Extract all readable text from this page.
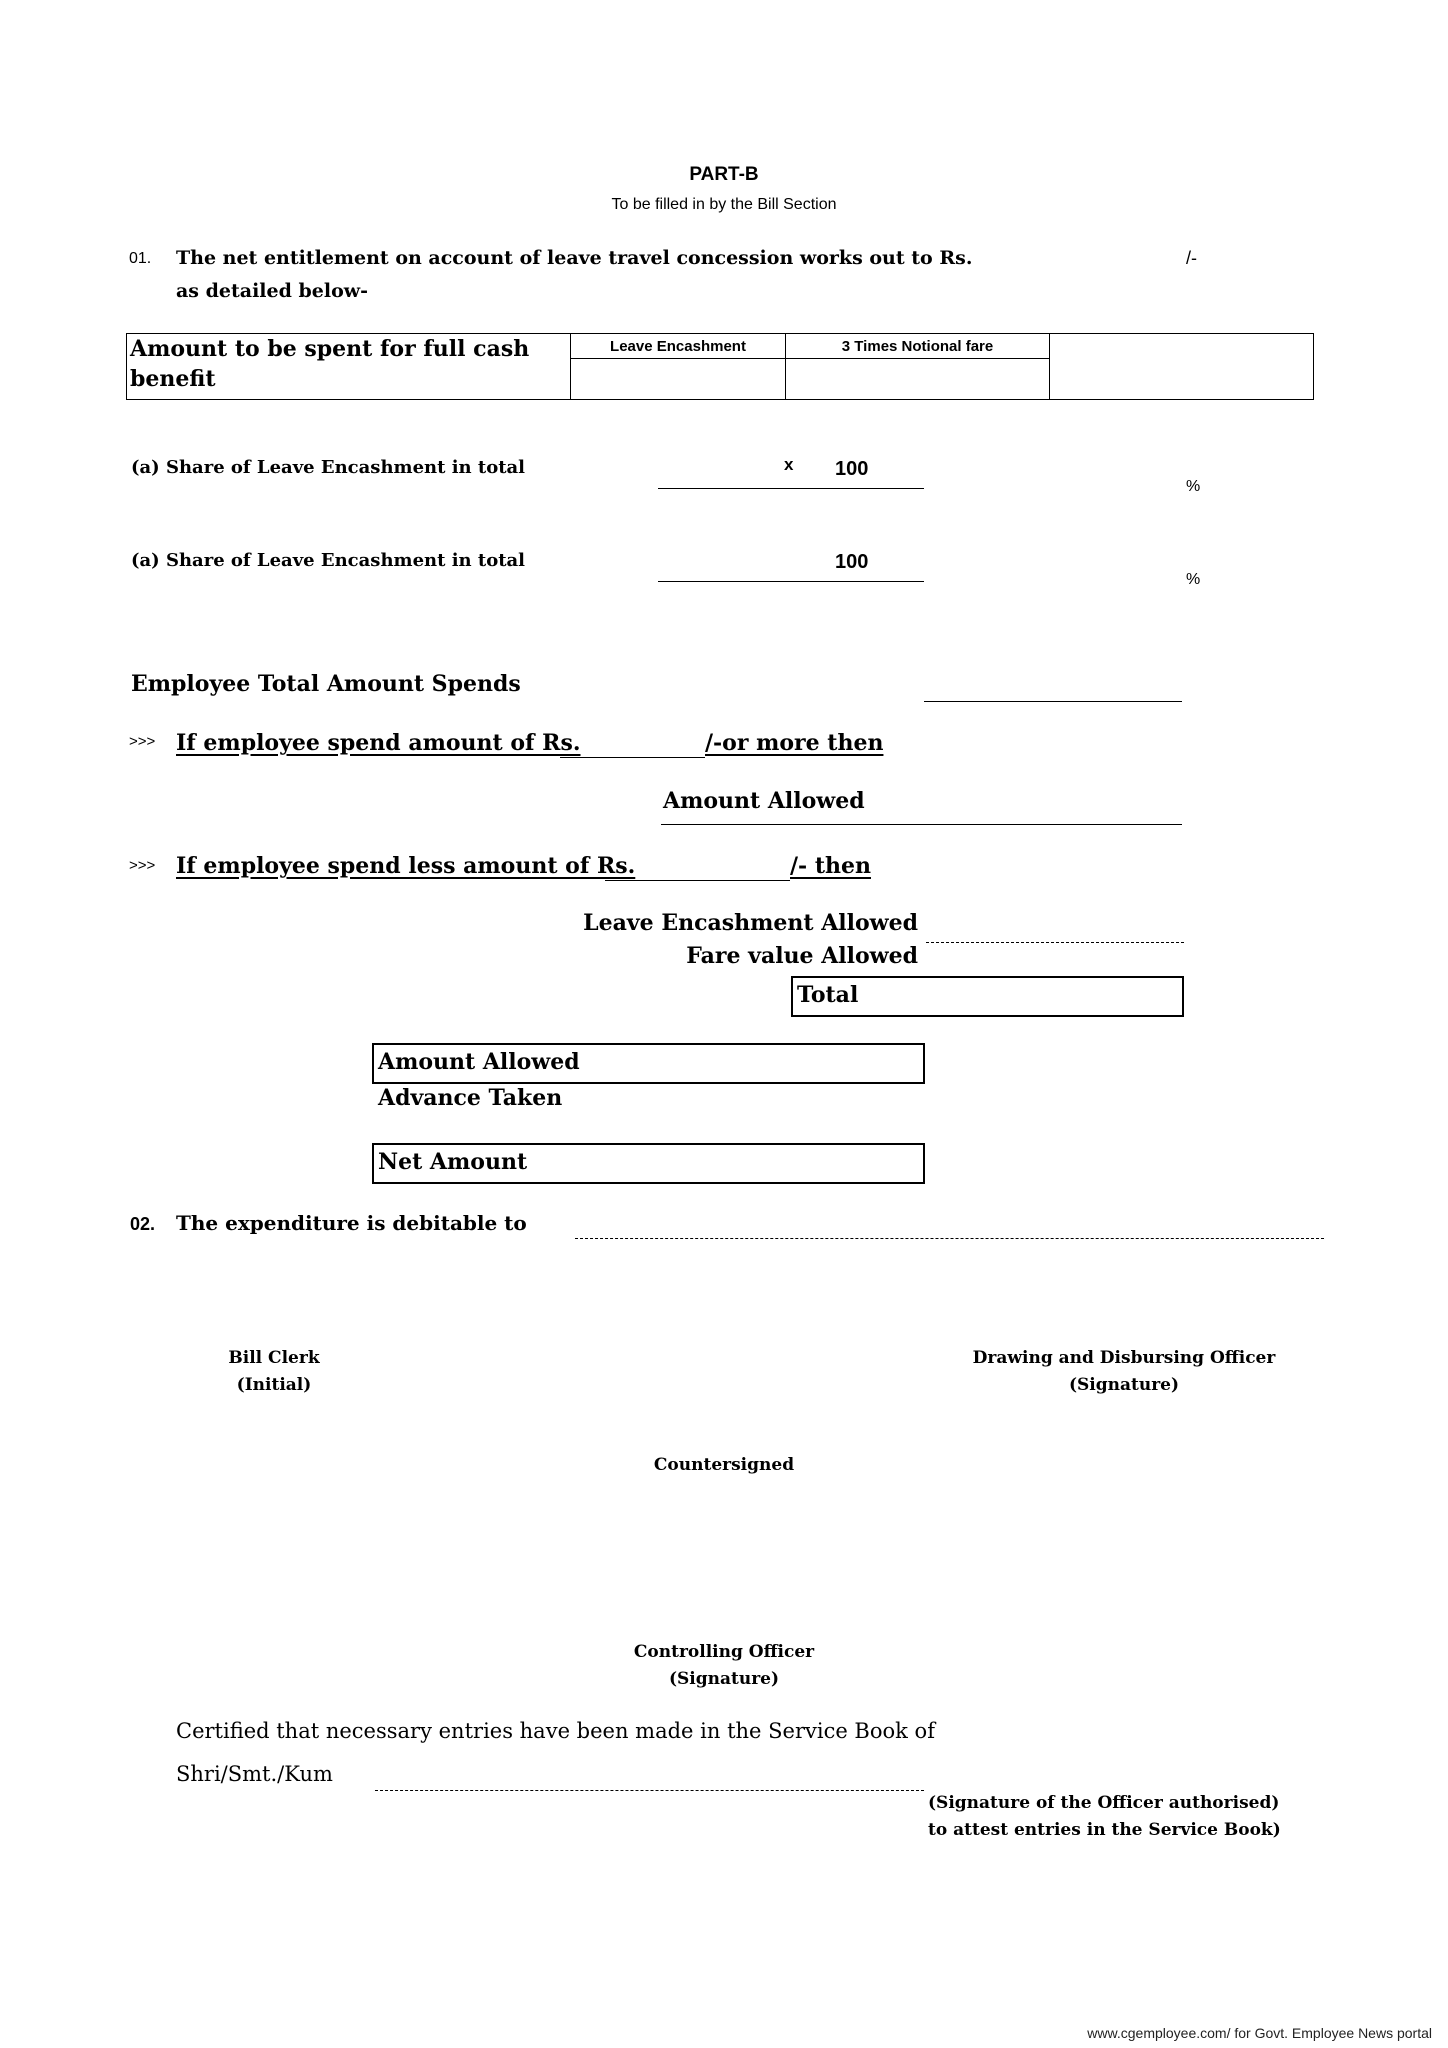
PART-B
To be filled in by the Bill Section
01. The net entitlement on account of leave travel concession works out to Rs.	/-
as detailed below-
Amount to be spent for full cash benefit	Leave Encashment	3 Times Notional fare	

(a) Share of Leave Encashment in total	x 100
%
(a) Share of Leave Encashment in total	100
%
Employee Total Amount Spends
>>> If employee spend amount of Rs.	/-or more then
Amount Allowed
>>> If employee spend less amount of Rs.	/- then
Leave Encashment Allowed
Fare value Allowed
Total
Amount Allowed
Advance Taken
Net Amount
02. The expenditure is debitable to
Bill Clerk
(Initial)
Drawing and Disbursing Officer
(Signature)
Countersigned
Controlling Officer
(Signature)
Certified that necessary entries have been made in the Service Book of
Shri/Smt./Kum
(Signature of the Officer authorised)
to attest entries in the Service Book)
www.cgemployee.com/ for Govt. Employee News portal
